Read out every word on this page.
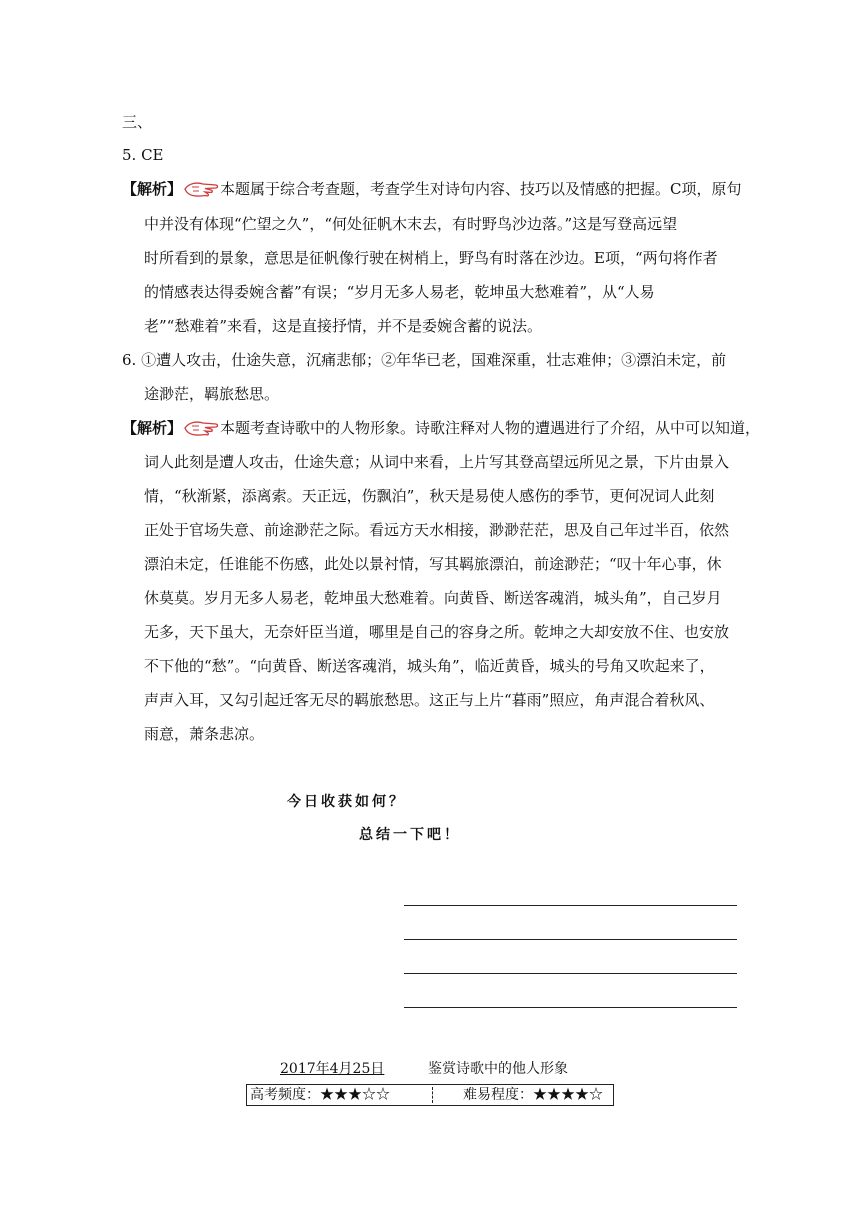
三、
5. CE
【解析】	本题属于综合考查题，考查学生对诗句内容、技巧以及情感的把握。C项，原句
中并没有体现“伫望之久”，“何处征帆木末去，有时野鸟沙边落。”这是写登高远望
时所看到的景象，意思是征帆像行驶在树梢上，野鸟有时落在沙边。E项，“两句将作者
的情感表达得委婉含蓄”有误；“岁月无多人易老，乾坤虽大愁难着”，从“人易
老”“愁难着”来看，这是直接抒情，并不是委婉含蓄的说法。
6. ①遭人攻击，仕途失意，沉痛悲郁；②年华已老，国难深重，壮志难伸；③漂泊未定，前
途渺茫，羁旅愁思。
【解析】	本题考查诗歌中的人物形象。诗歌注释对人物的遭遇进行了介绍，从中可以知道，
词人此刻是遭人攻击，仕途失意；从词中来看，上片写其登高望远所见之景，下片由景入
情，“秋渐紧，添离索。天正远，伤飘泊”，秋天是易使人感伤的季节，更何况词人此刻
正处于官场失意、前途渺茫之际。看远方天水相接，渺渺茫茫，思及自己年过半百，依然
漂泊未定，任谁能不伤感，此处以景衬情，写其羁旅漂泊，前途渺茫；“叹十年心事，休
休莫莫。岁月无多人易老，乾坤虽大愁难着。向黄昏、断送客魂消，城头角”，自己岁月
无多，天下虽大，无奈奸臣当道，哪里是自己的容身之所。乾坤之大却安放不住、也安放
不下他的“愁”。“向黄昏、断送客魂消，城头角”，临近黄昏，城头的号角又吹起来了，
声声入耳，又勾引起迁客无尽的羁旅愁思。这正与上片“暮雨”照应，角声混合着秋风、
雨意，萧条悲凉。
今日收获如何？
总结一下吧！
2017年4月25日	鉴赏诗歌中的他人形象
高考频度：★★★☆☆	难易程度：★★★★☆
